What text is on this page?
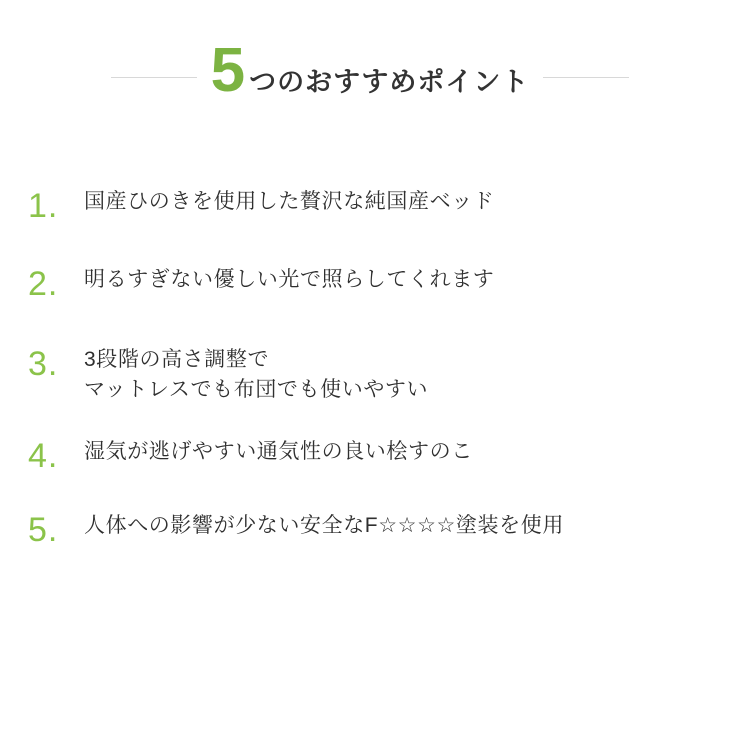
5 つのおすすめポイント
1.	国産ひのきを使用した贅沢な純国産ベッド
2.	明るすぎない優しい光で照らしてくれます
3.	3段階の高さ調整で
マットレスでも布団でも使いやすい
4.	湿気が逃げやすい通気性の良い桧すのこ
5.	人体への影響が少ない安全なF☆☆☆☆塗装を使用
